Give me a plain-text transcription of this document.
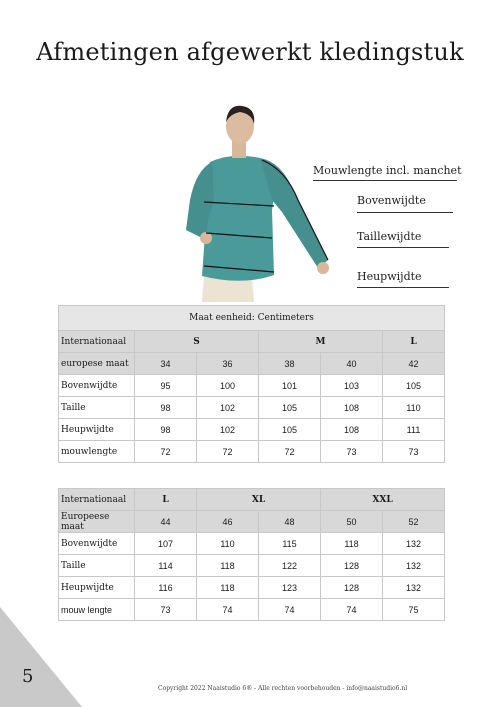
Afmetingen afgewerkt kledingstuk
Mouwlengte incl. manchet
Bovenwijdte
Taillewijdte
Heupwijdte
Maat eenheid: Centimeters					
Internationaal	S		M		L
europese maat	34	36	38	40	42
Bovenwijdte	95	100	101	103	105
Taille	98	102	105	108	110
Heupwijdte	98	102	105	108	111
mouwlengte	72	72	72	73	73
Internationaal	L	XL		XXL	
Europeese maat	44	46	48	50	52
Bovenwijdte	107	110	115	118	132
Taille	114	118	122	128	132
Heupwijdte	116	118	123	128	132
mouw lengte	73	74	74	74	75
5
Copyright 2022 Naaistudio 6® - Alle rechten voorbehouden - info@naaistudio6.nl
